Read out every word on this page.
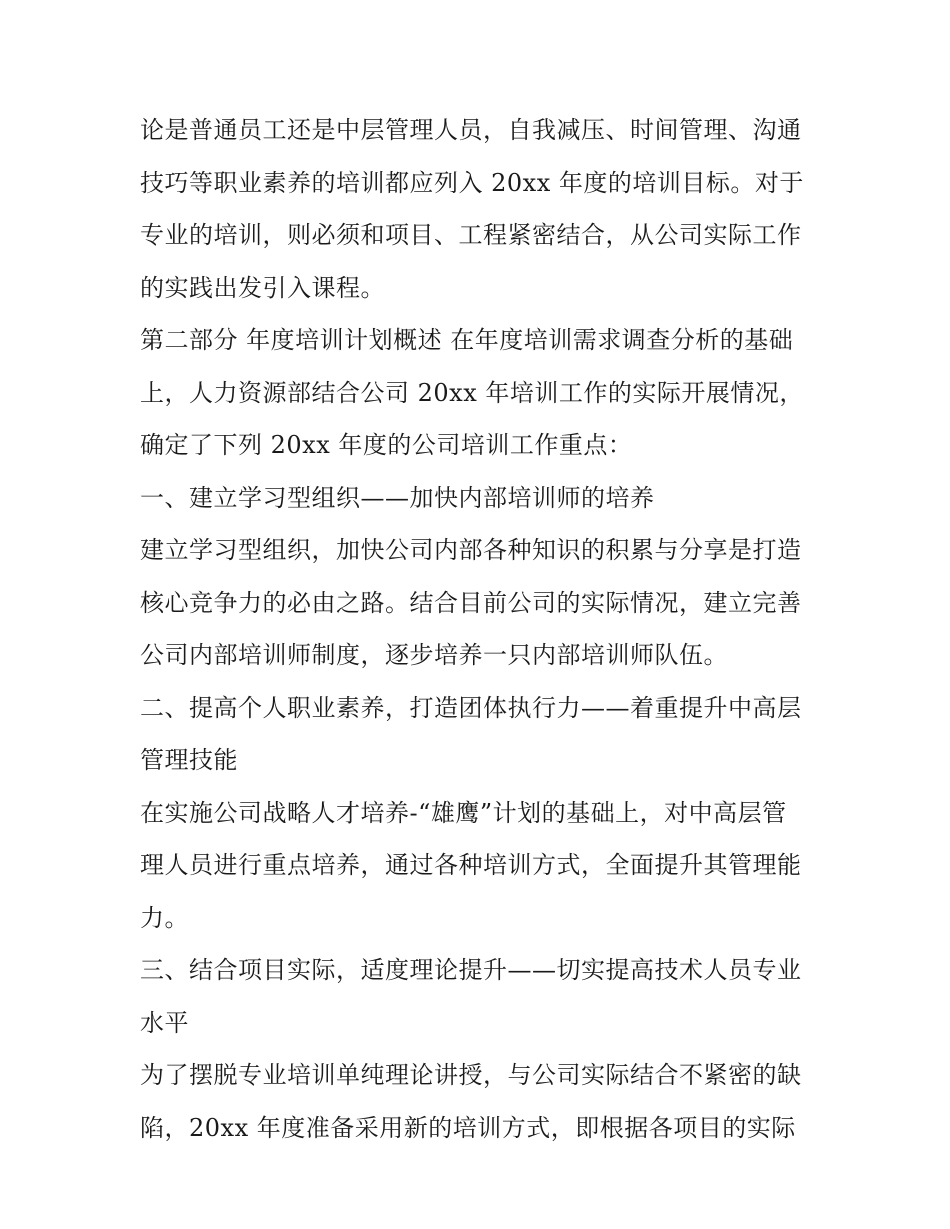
论是普通员工还是中层管理人员，自我减压、时间管理、沟通
技巧等职业素养的培训都应列入 20xx 年度的培训目标。对于
专业的培训，则必须和项目、工程紧密结合，从公司实际工作
的实践出发引入课程。
第二部分 年度培训计划概述 在年度培训需求调查分析的基础
上，人力资源部结合公司 20xx 年培训工作的实际开展情况，
确定了下列 20xx 年度的公司培训工作重点：
一、建立学习型组织——加快内部培训师的培养
建立学习型组织，加快公司内部各种知识的积累与分享是打造
核心竞争力的必由之路。结合目前公司的实际情况，建立完善
公司内部培训师制度，逐步培养一只内部培训师队伍。
二、提高个人职业素养，打造团体执行力——着重提升中高层
管理技能
在实施公司战略人才培养-“雄鹰”计划的基础上，对中高层管
理人员进行重点培养，通过各种培训方式，全面提升其管理能
力。
三、结合项目实际，适度理论提升——切实提高技术人员专业
水平
为了摆脱专业培训单纯理论讲授，与公司实际结合不紧密的缺
陷，20xx 年度准备采用新的培训方式，即根据各项目的实际
